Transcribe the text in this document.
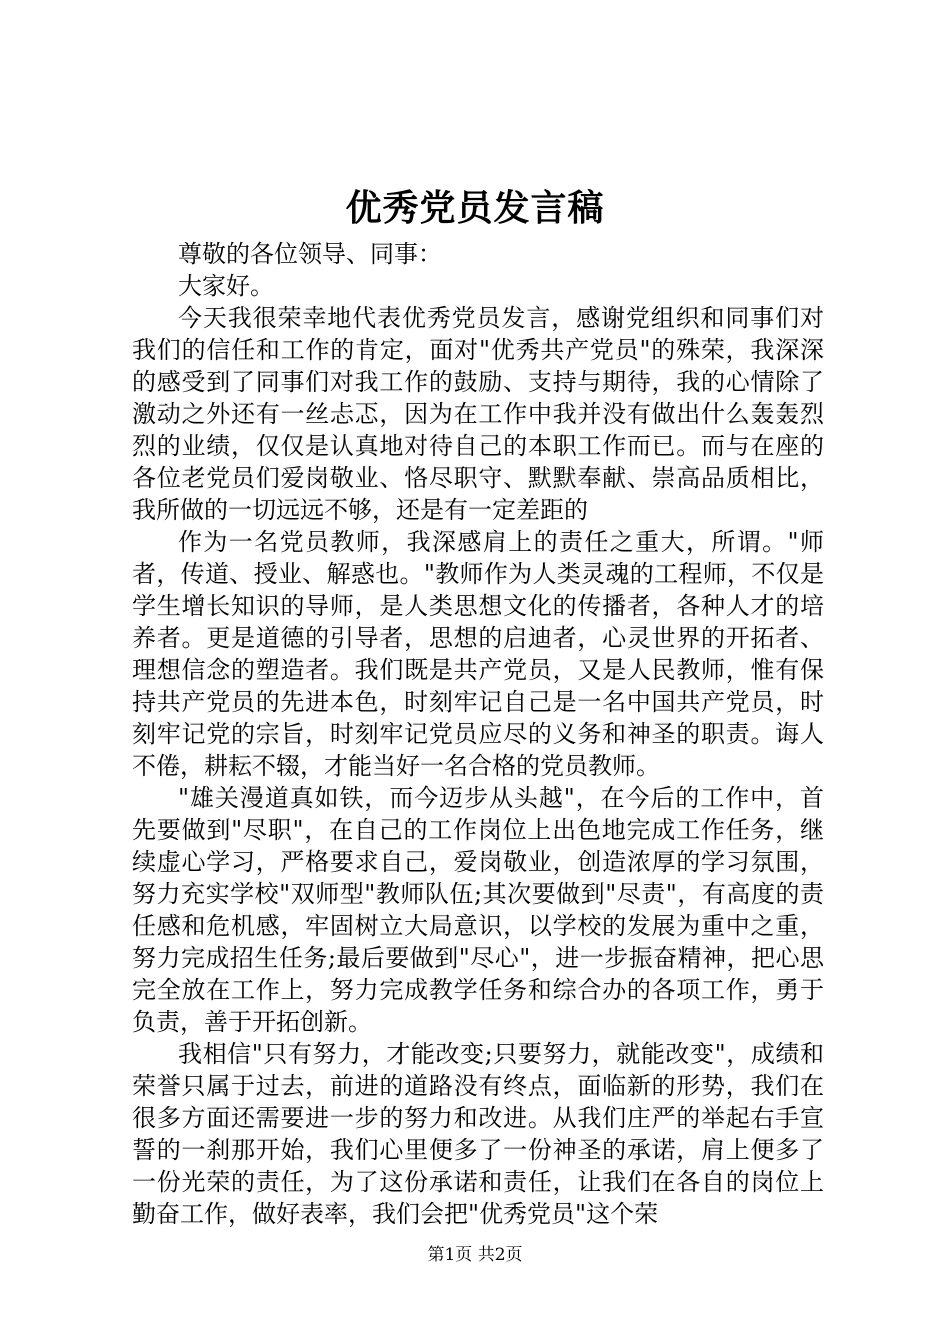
优秀党员发言稿

尊敬的各位领导、同事：

大家好。

今天我很荣幸地代表优秀党员发言，感谢党组织和同事们对我们的信任和工作的肯定，面对"优秀共产党员"的殊荣，我深深的感受到了同事们对我工作的鼓励、支持与期待，我的心情除了激动之外还有一丝忐忑，因为在工作中我并没有做出什么轰轰烈烈的业绩，仅仅是认真地对待自己的本职工作而已。而与在座的各位老党员们爱岗敬业、恪尽职守、默默奉献、崇高品质相比，我所做的一切远远不够，还是有一定差距的

作为一名党员教师，我深感肩上的责任之重大，所谓。"师者，传道、授业、解惑也。"教师作为人类灵魂的工程师，不仅是学生增长知识的导师，是人类思想文化的传播者，各种人才的培养者。更是道德的引导者，思想的启迪者，心灵世界的开拓者、理想信念的塑造者。我们既是共产党员，又是人民教师，惟有保持共产党员的先进本色，时刻牢记自己是一名中国共产党员，时刻牢记党的宗旨，时刻牢记党员应尽的义务和神圣的职责。诲人不倦，耕耘不辍，才能当好一名合格的党员教师。

"雄关漫道真如铁，而今迈步从头越"，在今后的工作中，首先要做到"尽职"，在自己的工作岗位上出色地完成工作任务，继续虚心学习，严格要求自己，爱岗敬业，创造浓厚的学习氛围，努力充实学校"双师型"教师队伍;其次要做到"尽责"，有高度的责任感和危机感，牢固树立大局意识，以学校的发展为重中之重，努力完成招生任务;最后要做到"尽心"，进一步振奋精神，把心思完全放在工作上，努力完成教学任务和综合办的各项工作，勇于负责，善于开拓创新。

我相信"只有努力，才能改变;只要努力，就能改变"，成绩和荣誉只属于过去，前进的道路没有终点，面临新的形势，我们在很多方面还需要进一步的努力和改进。从我们庄严的举起右手宣誓的一刹那开始，我们心里便多了一份神圣的承诺，肩上便多了一份光荣的责任，为了这份承诺和责任，让我们在各自的岗位上勤奋工作，做好表率，我们会把"优秀党员"这个荣

第1页 共2页
